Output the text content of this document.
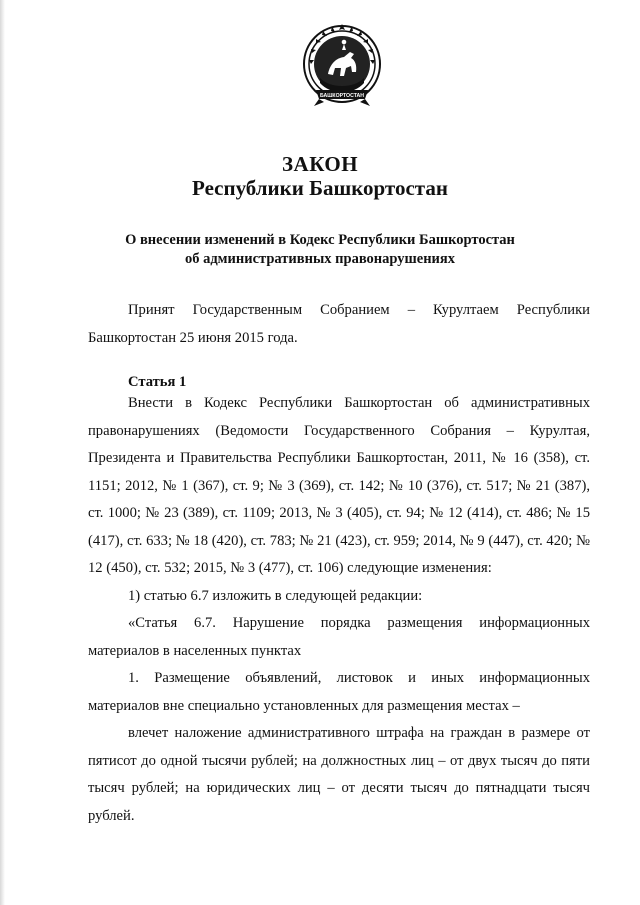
БАШКОРТОСТАН
ЗАКОН
Республики Башкортостан
О внесении изменений в Кодекс Республики Башкортостан
об административных правонарушениях

Принят Государственным Собранием – Курултаем Республики Башкортостан 25 июня 2015 года.

Статья 1

Внести в Кодекс Республики Башкортостан об административных правонарушениях (Ведомости Государственного Собрания – Курултая, Президента и Правительства Республики Башкортостан, 2011, № 16 (358), ст. 1151; 2012, № 1 (367), ст. 9; № 3 (369), ст. 142; № 10 (376), ст. 517; № 21 (387), ст. 1000; № 23 (389), ст. 1109; 2013, № 3 (405), ст. 94; № 12 (414), ст. 486; № 15 (417), ст. 633; № 18 (420), ст. 783; № 21 (423), ст. 959; 2014, № 9 (447), ст. 420; № 12 (450), ст. 532; 2015, № 3 (477), ст. 106) следующие изменения:

1) статью 6.7 изложить в следующей редакции:

«Статья 6.7. Нарушение порядка размещения информационных материалов в населенных пунктах

1. Размещение объявлений, листовок и иных информационных материалов вне специально установленных для размещения местах –

влечет наложение административного штрафа на граждан в размере от пятисот до одной тысячи рублей; на должностных лиц – от двух тысяч до пяти тысяч рублей; на юридических лиц – от десяти тысяч до пятнадцати тысяч рублей.
